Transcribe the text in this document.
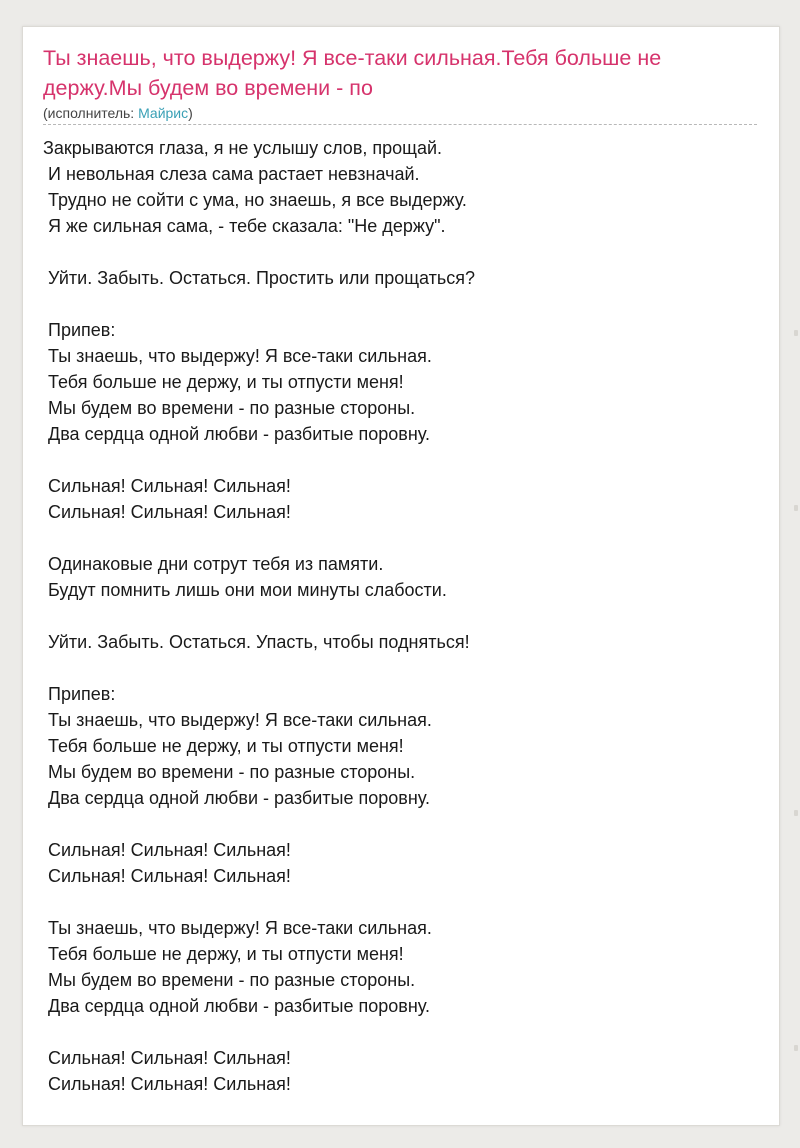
Ты знаешь, что выдержу! Я все-таки сильная.Тебя больше не держу.Мы будем во времени - по
(исполнитель: Майрис)
Закрываются глаза, я не услышу слов, прощай.
И невольная слеза сама растает невзначай.
Трудно не сойти с ума, но знаешь, я все выдержу.
Я же сильная сама, - тебе сказала: "Не держу".
Уйти. Забыть. Остаться. Простить или прощаться?
Припев:
Ты знаешь, что выдержу! Я все-таки сильная.
Тебя больше не держу, и ты отпусти меня!
Мы будем во времени - по разные стороны.
Два сердца одной любви - разбитые поровну.
Сильная! Сильная! Сильная!
Сильная! Сильная! Сильная!
Одинаковые дни сотрут тебя из памяти.
Будут помнить лишь они мои минуты слабости.
Уйти. Забыть. Остаться. Упасть, чтобы подняться!
Припев:
Ты знаешь, что выдержу! Я все-таки сильная.
Тебя больше не держу, и ты отпусти меня!
Мы будем во времени - по разные стороны.
Два сердца одной любви - разбитые поровну.
Сильная! Сильная! Сильная!
Сильная! Сильная! Сильная!
Ты знаешь, что выдержу! Я все-таки сильная.
Тебя больше не держу, и ты отпусти меня!
Мы будем во времени - по разные стороны.
Два сердца одной любви - разбитые поровну.
Сильная! Сильная! Сильная!
Сильная! Сильная! Сильная!
